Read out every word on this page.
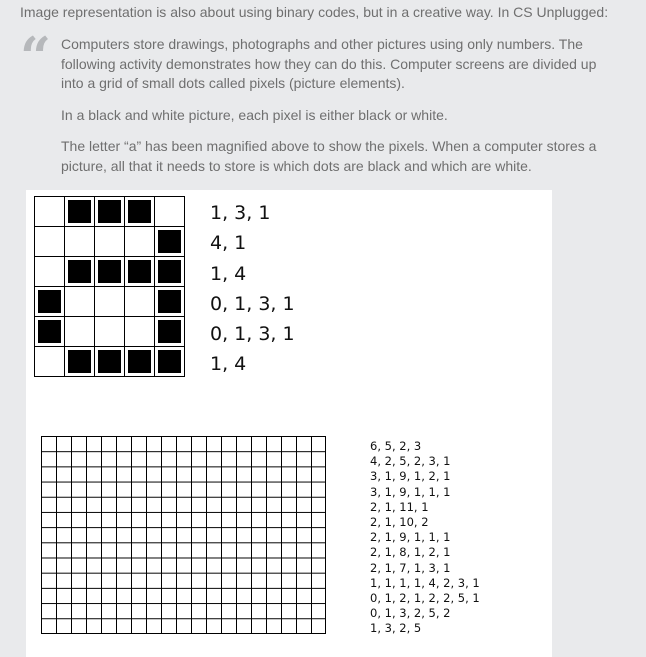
Image representation is also about using binary codes, but in a creative way. In CS Unplugged:
“ Computers store drawings, photographs and other pictures using only numbers. The following activity demonstrates how they can do this. Computer screens are divided up into a grid of small dots called pixels (picture elements).

In a black and white picture, each pixel is either black or white.

The letter “a” has been magnified above to show the pixels. When a computer stores a picture, all that it needs to store is which dots are black and which are white.

1, 3, 1
4, 1
1, 4
0, 1, 3, 1
0, 1, 3, 1
1, 4
6, 5, 2, 3
4, 2, 5, 2, 3, 1
3, 1, 9, 1, 2, 1
3, 1, 9, 1, 1, 1
2, 1, 11, 1
2, 1, 10, 2
2, 1, 9, 1, 1, 1
2, 1, 8, 1, 2, 1
2, 1, 7, 1, 3, 1
1, 1, 1, 1, 4, 2, 3, 1
0, 1, 2, 1, 2, 2, 5, 1
0, 1, 3, 2, 5, 2
1, 3, 2, 5
